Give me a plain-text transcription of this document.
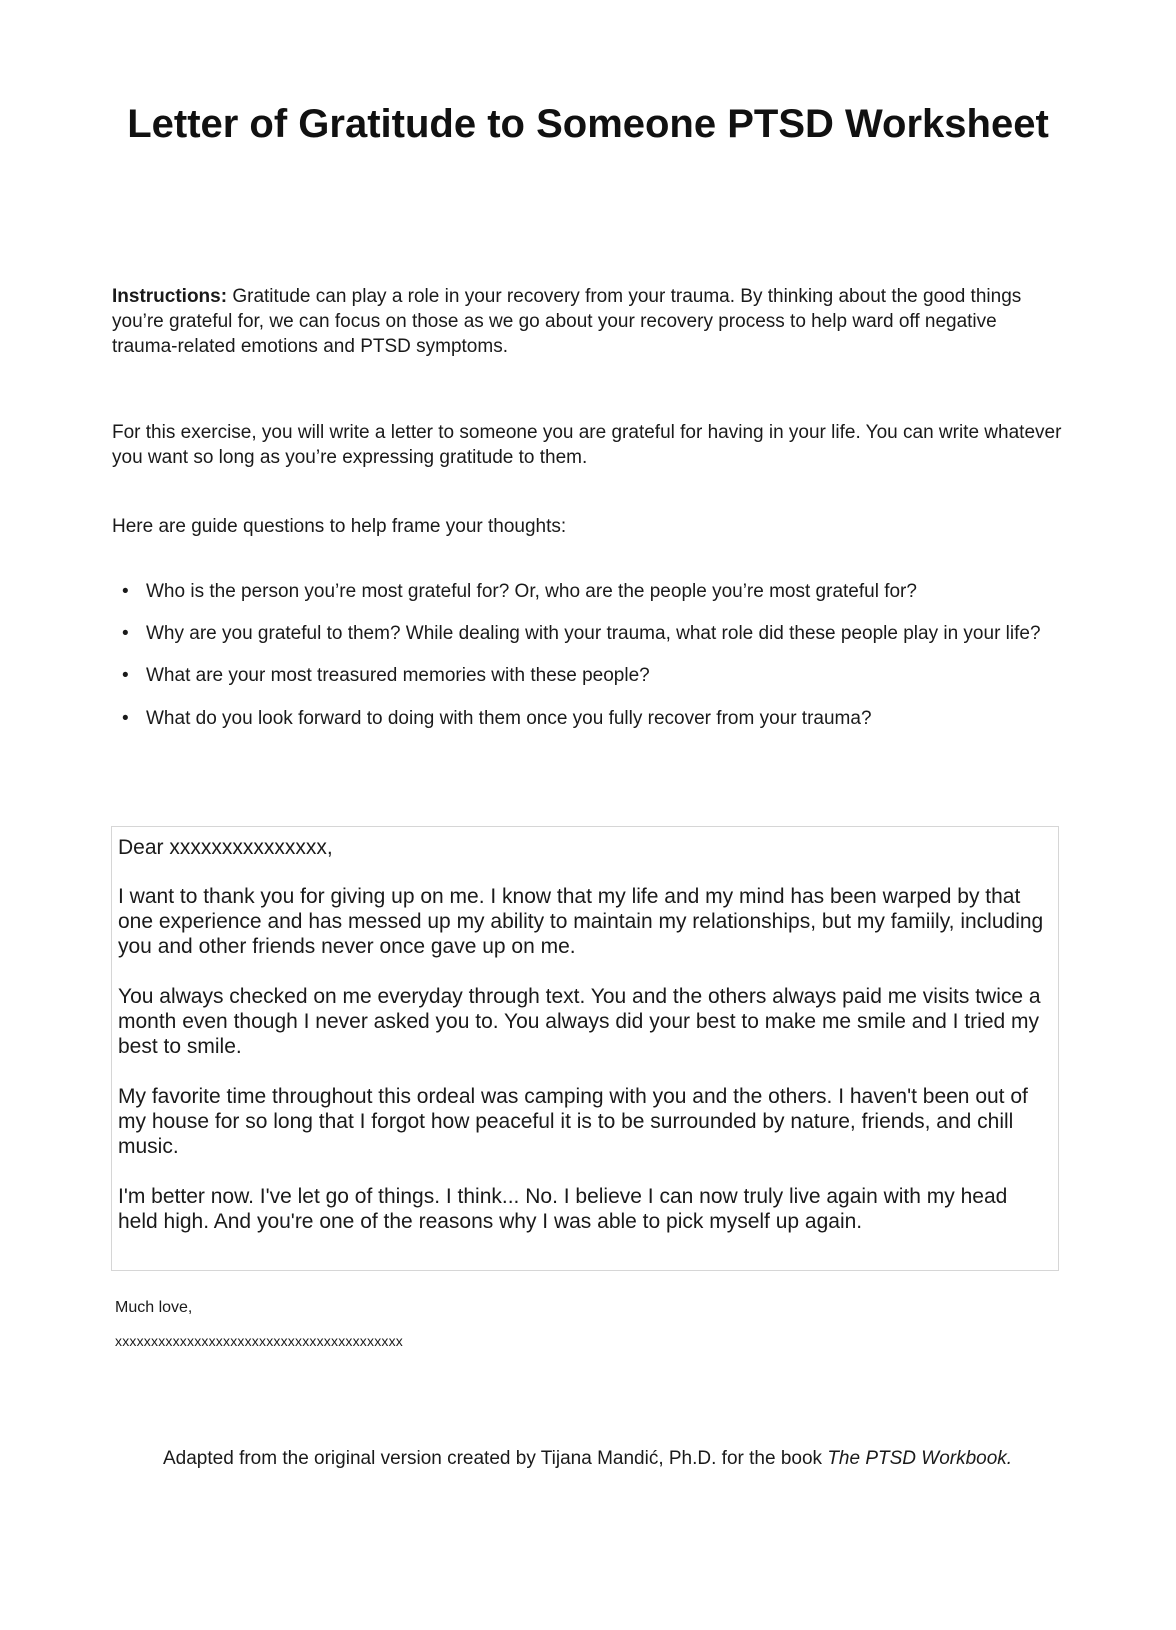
Letter of Gratitude to Someone PTSD Worksheet

Instructions: Gratitude can play a role in your recovery from your trauma. By thinking about the good things you’re grateful for, we can focus on those as we go about your recovery process to help ward off negative trauma-related emotions and PTSD symptoms.

For this exercise, you will write a letter to someone you are grateful for having in your life. You can write whatever you want so long as you’re expressing gratitude to them.

Here are guide questions to help frame your thoughts:

• Who is the person you’re most grateful for? Or, who are the people you’re most grateful for?
• Why are you grateful to them? While dealing with your trauma, what role did these people play in your life?
• What are your most treasured memories with these people?
• What do you look forward to doing with them once you fully recover from your trauma?

Dear xxxxxxxxxxxxxxx,

I want to thank you for giving up on me. I know that my life and my mind has been warped by that one experience and has messed up my ability to maintain my relationships, but my famiily, including you and other friends never once gave up on me.

You always checked on me everyday through text. You and the others always paid me visits twice a month even though I never asked you to. You always did your best to make me smile and I tried my best to smile.

My favorite time throughout this ordeal was camping with you and the others. I haven't been out of my house for so long that I forgot how peaceful it is to be surrounded by nature, friends, and chill music.

I'm better now. I've let go of things. I think... No. I believe I can now truly live again with my head held high. And you're one of the reasons why I was able to pick myself up again.

Much love,

xxxxxxxxxxxxxxxxxxxxxxxxxxxxxxxxxxxxxxxx

Adapted from the original version created by Tijana Mandić, Ph.D. for the book The PTSD Workbook.
